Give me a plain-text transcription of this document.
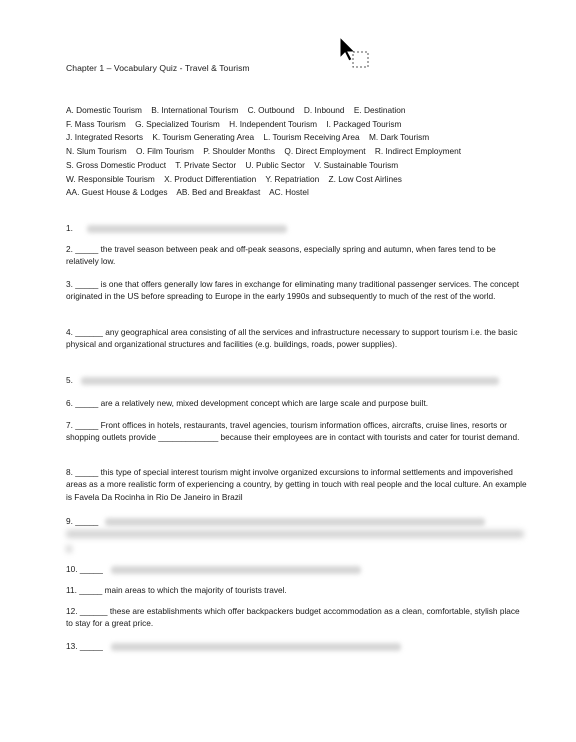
Chapter 1 – Vocabulary Quiz - Travel & Tourism
A. Domestic Tourism B. International Tourism C. Outbound D. Inbound E. Destination
F. Mass Tourism G. Specialized Tourism H. Independent Tourism I. Packaged Tourism
J. Integrated Resorts K. Tourism Generating Area L. Tourism Receiving Area M. Dark Tourism
N. Slum Tourism O. Film Tourism P. Shoulder Months Q. Direct Employment R. Indirect Employment
S. Gross Domestic Product T. Private Sector U. Public Sector V. Sustainable Tourism
W. Responsible Tourism X. Product Differentiation Y. Repatriation Z. Low Cost Airlines
AA. Guest House & Lodges AB. Bed and Breakfast AC. Hostel
1.
2. _____ the travel season between peak and off-peak seasons, especially spring and autumn, when fares tend to be relatively low.
3. _____ is one that offers generally low fares in exchange for eliminating many traditional passenger services. The concept originated in the US before spreading to Europe in the early 1990s and subsequently to much of the rest of the world.
4. ______ any geographical area consisting of all the services and infrastructure necessary to support tourism i.e. the basic physical and organizational structures and facilities (e.g. buildings, roads, power supplies).
5.
6. _____ are a relatively new, mixed development concept which are large scale and purpose built.
7. _____ Front offices in hotels, restaurants, travel agencies, tourism information offices, aircrafts, cruise lines, resorts or shopping outlets provide _____________ because their employees are in contact with tourists and cater for tourist demand.
8. _____ this type of special interest tourism might involve organized excursions to informal settlements and impoverished areas as a more realistic form of experiencing a country, by getting in touch with real people and the local culture. An example is Favela Da Rocinha in Rio De Janeiro in Brazil
9. _____
10. _____
11. _____ main areas to which the majority of tourists travel.
12. ______ these are establishments which offer backpackers budget accommodation as a clean, comfortable, stylish place to stay for a great price.
13. _____
